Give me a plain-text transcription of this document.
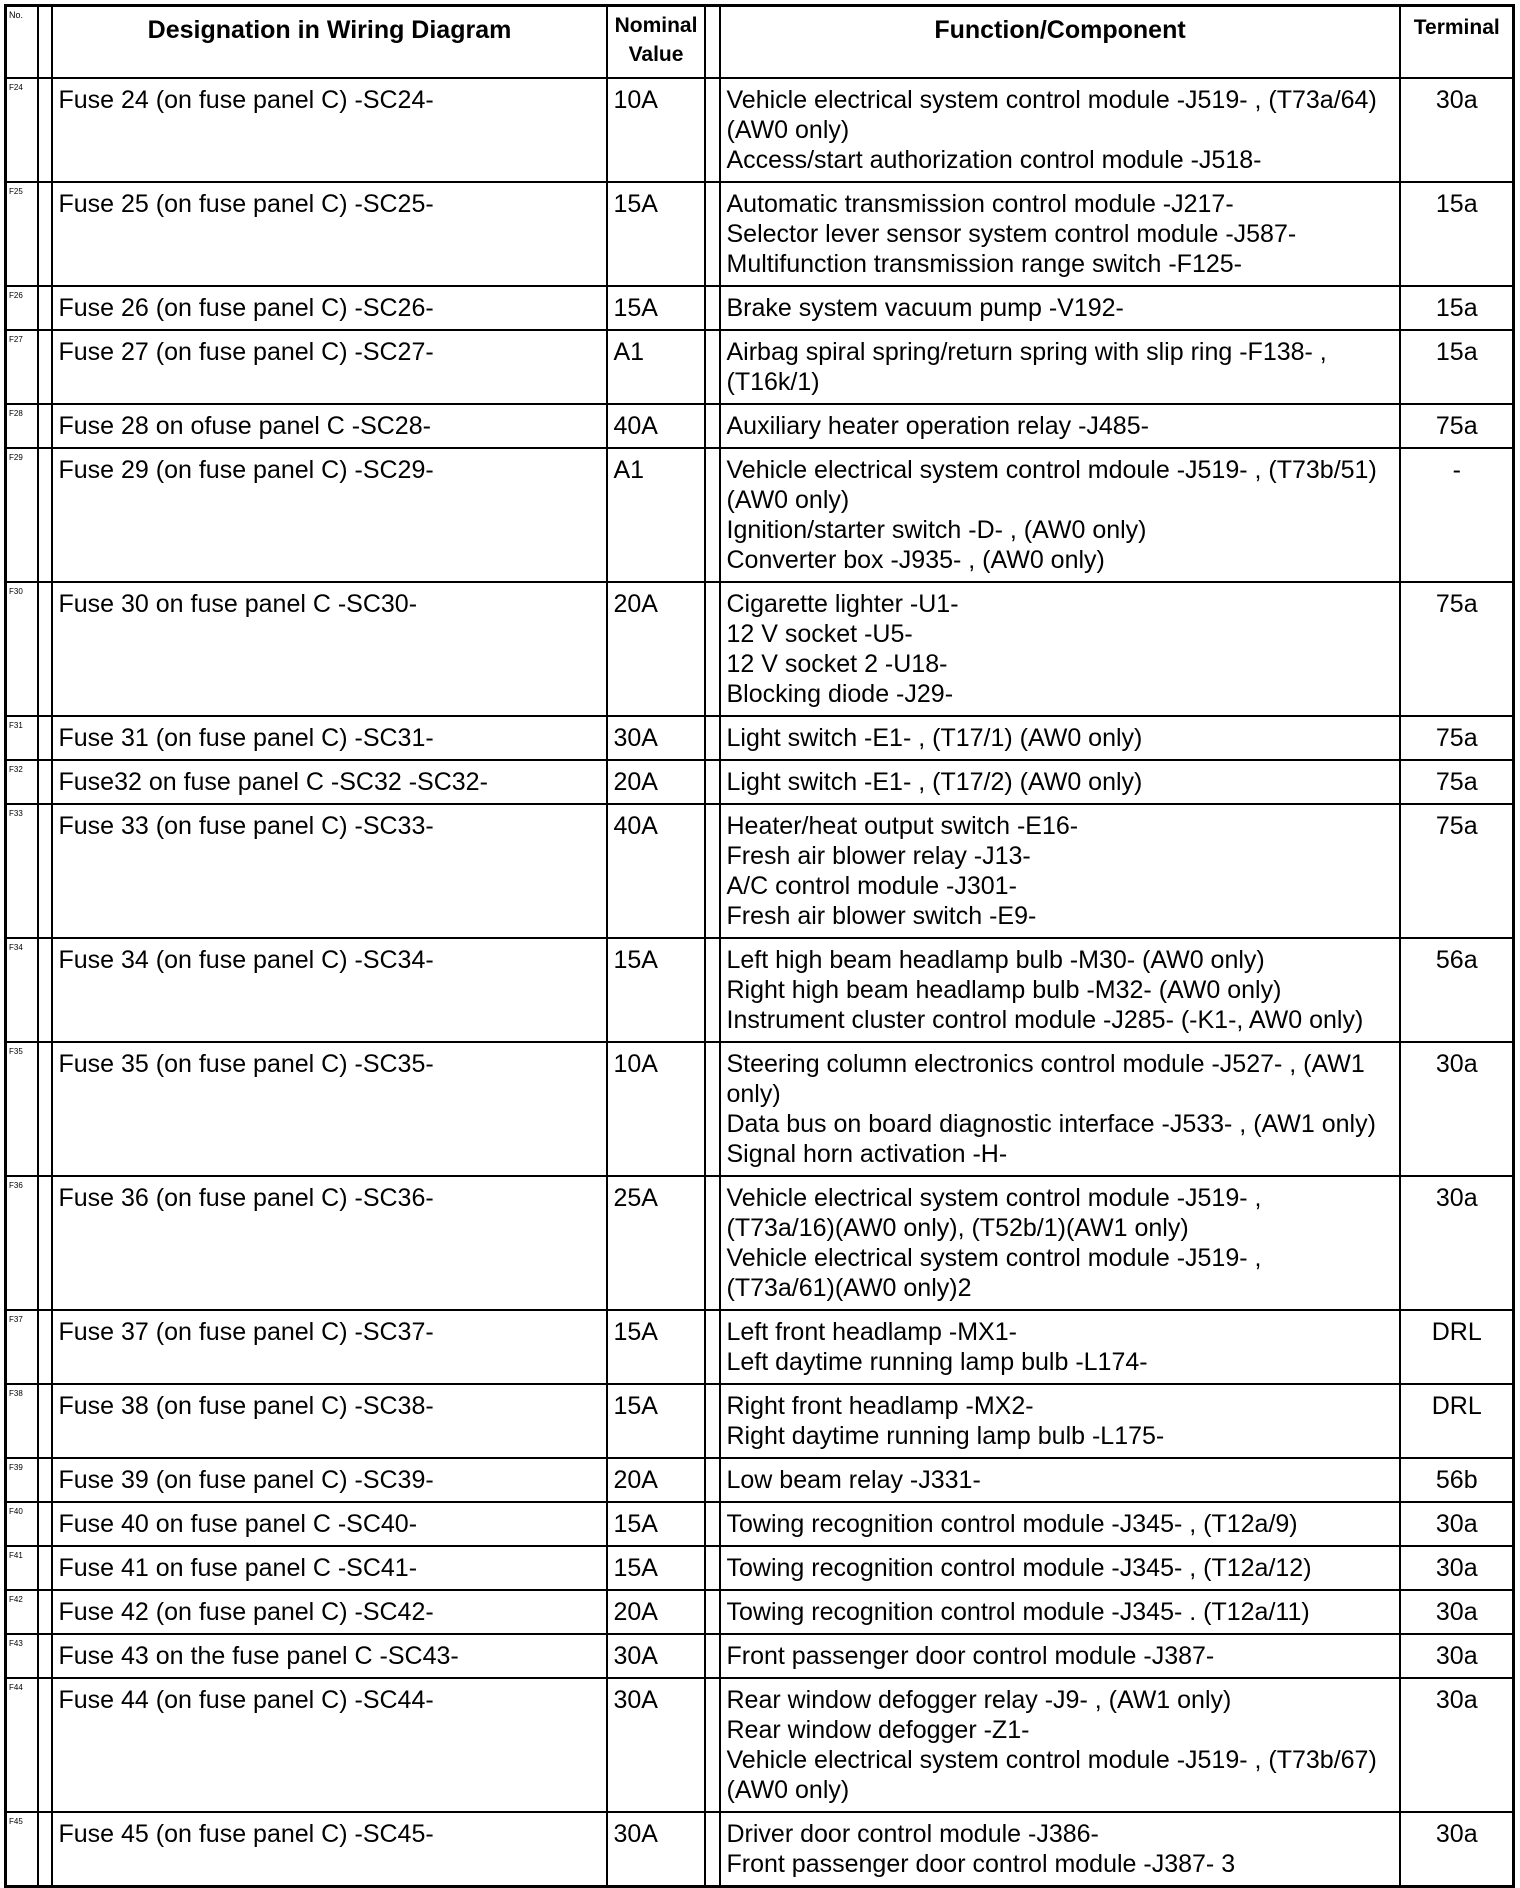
No.		Designation in Wiring Diagram	Nominal
Value		Function/Component	Terminal
F24		Fuse 24 (on fuse panel C) -SC24-	10A		Vehicle electrical system control module -J519- , (T73a/64)
(AW0 only)
Access/start authorization control module -J518-	30a
F25		Fuse 25 (on fuse panel C) -SC25-	15A		Automatic transmission control module -J217-
Selector lever sensor system control module -J587-
Multifunction transmission range switch -F125-	15a
F26		Fuse 26 (on fuse panel C) -SC26-	15A		Brake system vacuum pump -V192-	15a
F27		Fuse 27 (on fuse panel C) -SC27-	A1		Airbag spiral spring/return spring with slip ring -F138- ,
(T16k/1)	15a
F28		Fuse 28 on ofuse panel C -SC28-	40A		Auxiliary heater operation relay -J485-	75a
F29		Fuse 29 (on fuse panel C) -SC29-	A1		Vehicle electrical system control mdoule -J519- , (T73b/51)
(AW0 only)
Ignition/starter switch -D- , (AW0 only)
Converter box -J935- , (AW0 only)	-
F30		Fuse 30 on fuse panel C -SC30-	20A		Cigarette lighter -U1-
12 V socket -U5-
12 V socket 2 -U18-
Blocking diode -J29-	75a
F31		Fuse 31 (on fuse panel C) -SC31-	30A		Light switch -E1- , (T17/1) (AW0 only)	75a
F32		Fuse32 on fuse panel C -SC32 -SC32-	20A		Light switch -E1- , (T17/2) (AW0 only)	75a
F33		Fuse 33 (on fuse panel C) -SC33-	40A		Heater/heat output switch -E16-
Fresh air blower relay -J13-
A/C control module -J301-
Fresh air blower switch -E9-	75a
F34		Fuse 34 (on fuse panel C) -SC34-	15A		Left high beam headlamp bulb -M30- (AW0 only)
Right high beam headlamp bulb -M32- (AW0 only)
Instrument cluster control module -J285- (-K1-, AW0 only)	56a
F35		Fuse 35 (on fuse panel C) -SC35-	10A		Steering column electronics control module -J527- , (AW1
only)
Data bus on board diagnostic interface -J533- , (AW1 only)
Signal horn activation -H-	30a
F36		Fuse 36 (on fuse panel C) -SC36-	25A		Vehicle electrical system control module -J519- ,
(T73a/16)(AW0 only), (T52b/1)(AW1 only)
Vehicle electrical system control module -J519- ,
(T73a/61)(AW0 only)2	30a
F37		Fuse 37 (on fuse panel C) -SC37-	15A		Left front headlamp -MX1-
Left daytime running lamp bulb -L174-	DRL
F38		Fuse 38 (on fuse panel C) -SC38-	15A		Right front headlamp -MX2-
Right daytime running lamp bulb -L175-	DRL
F39		Fuse 39 (on fuse panel C) -SC39-	20A		Low beam relay -J331-	56b
F40		Fuse 40 on fuse panel C -SC40-	15A		Towing recognition control module -J345- , (T12a/9)	30a
F41		Fuse 41 on fuse panel C -SC41-	15A		Towing recognition control module -J345- , (T12a/12)	30a
F42		Fuse 42 (on fuse panel C) -SC42-	20A		Towing recognition control module -J345- . (T12a/11)	30a
F43		Fuse 43 on the fuse panel C -SC43-	30A		Front passenger door control module -J387-	30a
F44		Fuse 44 (on fuse panel C) -SC44-	30A		Rear window defogger relay -J9- , (AW1 only)
Rear window defogger -Z1-
Vehicle electrical system control module -J519- , (T73b/67)
(AW0 only)	30a
F45		Fuse 45 (on fuse panel C) -SC45-	30A		Driver door control module -J386-
Front passenger door control module -J387- 3	30a
